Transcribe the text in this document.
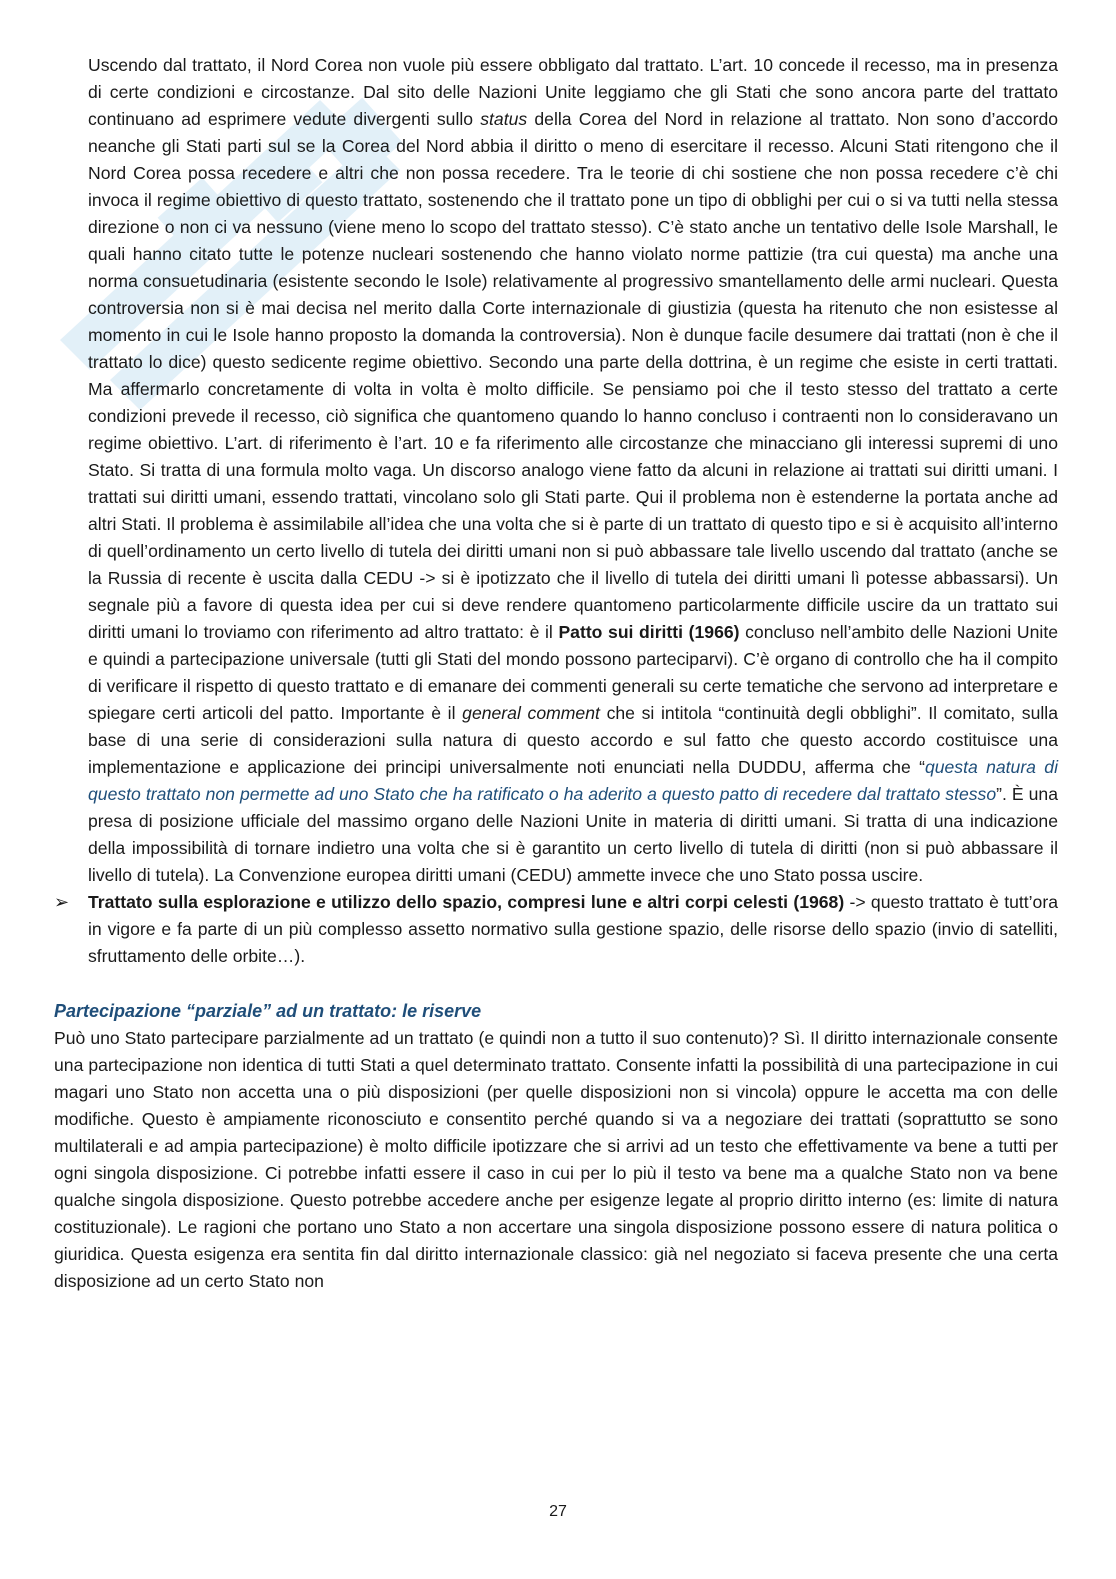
Uscendo dal trattato, il Nord Corea non vuole più essere obbligato dal trattato. L’art. 10 concede il recesso, ma in presenza di certe condizioni e circostanze. Dal sito delle Nazioni Unite leggiamo che gli Stati che sono ancora parte del trattato continuano ad esprimere vedute divergenti sullo status della Corea del Nord in relazione al trattato. Non sono d’accordo neanche gli Stati parti sul se la Corea del Nord abbia il diritto o meno di esercitare il recesso. Alcuni Stati ritengono che il Nord Corea possa recedere e altri che non possa recedere. Tra le teorie di chi sostiene che non possa recedere c’è chi invoca il regime obiettivo di questo trattato, sostenendo che il trattato pone un tipo di obblighi per cui o si va tutti nella stessa direzione o non ci va nessuno (viene meno lo scopo del trattato stesso). C’è stato anche un tentativo delle Isole Marshall, le quali hanno citato tutte le potenze nucleari sostenendo che hanno violato norme pattizie (tra cui questa) ma anche una norma consuetudinaria (esistente secondo le Isole) relativamente al progressivo smantellamento delle armi nucleari. Questa controversia non si è mai decisa nel merito dalla Corte internazionale di giustizia (questa ha ritenuto che non esistesse al momento in cui le Isole hanno proposto la domanda la controversia). Non è dunque facile desumere dai trattati (non è che il trattato lo dice) questo sedicente regime obiettivo. Secondo una parte della dottrina, è un regime che esiste in certi trattati. Ma affermarlo concretamente di volta in volta è molto difficile. Se pensiamo poi che il testo stesso del trattato a certe condizioni prevede il recesso, ciò significa che quantomeno quando lo hanno concluso i contraenti non lo consideravano un regime obiettivo. L’art. di riferimento è l’art. 10 e fa riferimento alle circostanze che minacciano gli interessi supremi di uno Stato. Si tratta di una formula molto vaga. Un discorso analogo viene fatto da alcuni in relazione ai trattati sui diritti umani. I trattati sui diritti umani, essendo trattati, vincolano solo gli Stati parte. Qui il problema non è estenderne la portata anche ad altri Stati. Il problema è assimilabile all’idea che una volta che si è parte di un trattato di questo tipo e si è acquisito all’interno di quell’ordinamento un certo livello di tutela dei diritti umani non si può abbassare tale livello uscendo dal trattato (anche se la Russia di recente è uscita dalla CEDU -> si è ipotizzato che il livello di tutela dei diritti umani lì potesse abbassarsi). Un segnale più a favore di questa idea per cui si deve rendere quantomeno particolarmente difficile uscire da un trattato sui diritti umani lo troviamo con riferimento ad altro trattato: è il Patto sui diritti (1966) concluso nell’ambito delle Nazioni Unite e quindi a partecipazione universale (tutti gli Stati del mondo possono parteciparvi). C’è organo di controllo che ha il compito di verificare il rispetto di questo trattato e di emanare dei commenti generali su certe tematiche che servono ad interpretare e spiegare certi articoli del patto. Importante è il general comment che si intitola “continuità degli obblighi”. Il comitato, sulla base di una serie di considerazioni sulla natura di questo accordo e sul fatto che questo accordo costituisce una implementazione e applicazione dei principi universalmente noti enunciati nella DUDDU, afferma che “questa natura di questo trattato non permette ad uno Stato che ha ratificato o ha aderito a questo patto di recedere dal trattato stesso”. È una presa di posizione ufficiale del massimo organo delle Nazioni Unite in materia di diritti umani. Si tratta di una indicazione della impossibilità di tornare indietro una volta che si è garantito un certo livello di tutela di diritti (non si può abbassare il livello di tutela). La Convenzione europea diritti umani (CEDU) ammette invece che uno Stato possa uscire.

➢ Trattato sulla esplorazione e utilizzo dello spazio, compresi lune e altri corpi celesti (1968) -> questo trattato è tutt’ora in vigore e fa parte di un più complesso assetto normativo sulla gestione spazio, delle risorse dello spazio (invio di satelliti, sfruttamento delle orbite…).

Partecipazione “parziale” ad un trattato: le riserve

Può uno Stato partecipare parzialmente ad un trattato (e quindi non a tutto il suo contenuto)? Sì. Il diritto internazionale consente una partecipazione non identica di tutti Stati a quel determinato trattato. Consente infatti la possibilità di una partecipazione in cui magari uno Stato non accetta una o più disposizioni (per quelle disposizioni non si vincola) oppure le accetta ma con delle modifiche. Questo è ampiamente riconosciuto e consentito perché quando si va a negoziare dei trattati (soprattutto se sono multilaterali e ad ampia partecipazione) è molto difficile ipotizzare che si arrivi ad un testo che effettivamente va bene a tutti per ogni singola disposizione. Ci potrebbe infatti essere il caso in cui per lo più il testo va bene ma a qualche Stato non va bene qualche singola disposizione. Questo potrebbe accedere anche per esigenze legate al proprio diritto interno (es: limite di natura costituzionale). Le ragioni che portano uno Stato a non accertare una singola disposizione possono essere di natura politica o giuridica. Questa esigenza era sentita fin dal diritto internazionale classico: già nel negoziato si faceva presente che una certa disposizione ad un certo Stato non

27
